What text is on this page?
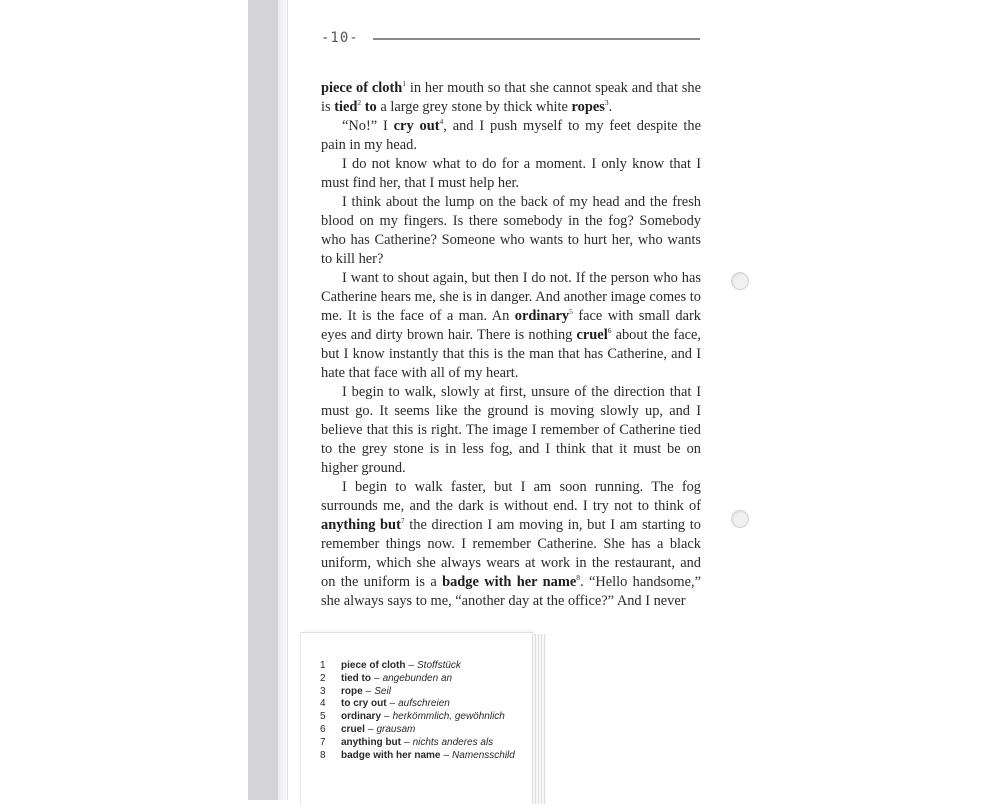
-10-

piece of cloth$^1$ in her mouth so that she cannot speak and that she is tied$^2$ to a large grey stone by thick white ropes$^3$.

“No!” I cry out$^4$, and I push myself to my feet despite the pain in my head.

I do not know what to do for a moment. I only know that I must find her, that I must help her.

I think about the lump on the back of my head and the fresh blood on my fingers. Is there somebody in the fog? Somebody who has Catherine? Someone who wants to hurt her, who wants to kill her?

I want to shout again, but then I do not. If the person who has Catherine hears me, she is in danger. And another image comes to me. It is the face of a man. An ordinary$^5$ face with small dark eyes and dirty brown hair. There is nothing cruel$^6$ about the face, but I know instantly that this is the man that has Catherine, and I hate that face with all of my heart.

I begin to walk, slowly at first, unsure of the direction that I must go. It seems like the ground is moving slowly up, and I believe that this is right. The image I remember of Catherine tied to the grey stone is in less fog, and I think that it must be on higher ground.

I begin to walk faster, but I am soon running. The fog surrounds me, and the dark is without end. I try not to think of anything but$^7$ the direction I am moving in, but I am starting to remember things now. I remember Catherine. She has a black uniform, which she always wears at work in the restaurant, and on the uniform is a badge with her name$^8$. “Hello handsome,” she always says to me, “another day at the office?” And I never

1	piece of cloth – Stoffstück
2	tied to – angebunden an
3	rope – Seil
4	to cry out – aufschreien
5	ordinary – herkömmlich, gewöhnlich
6	cruel – grausam
7	anything but – nichts anderes als
8	badge with her name – Namensschild
